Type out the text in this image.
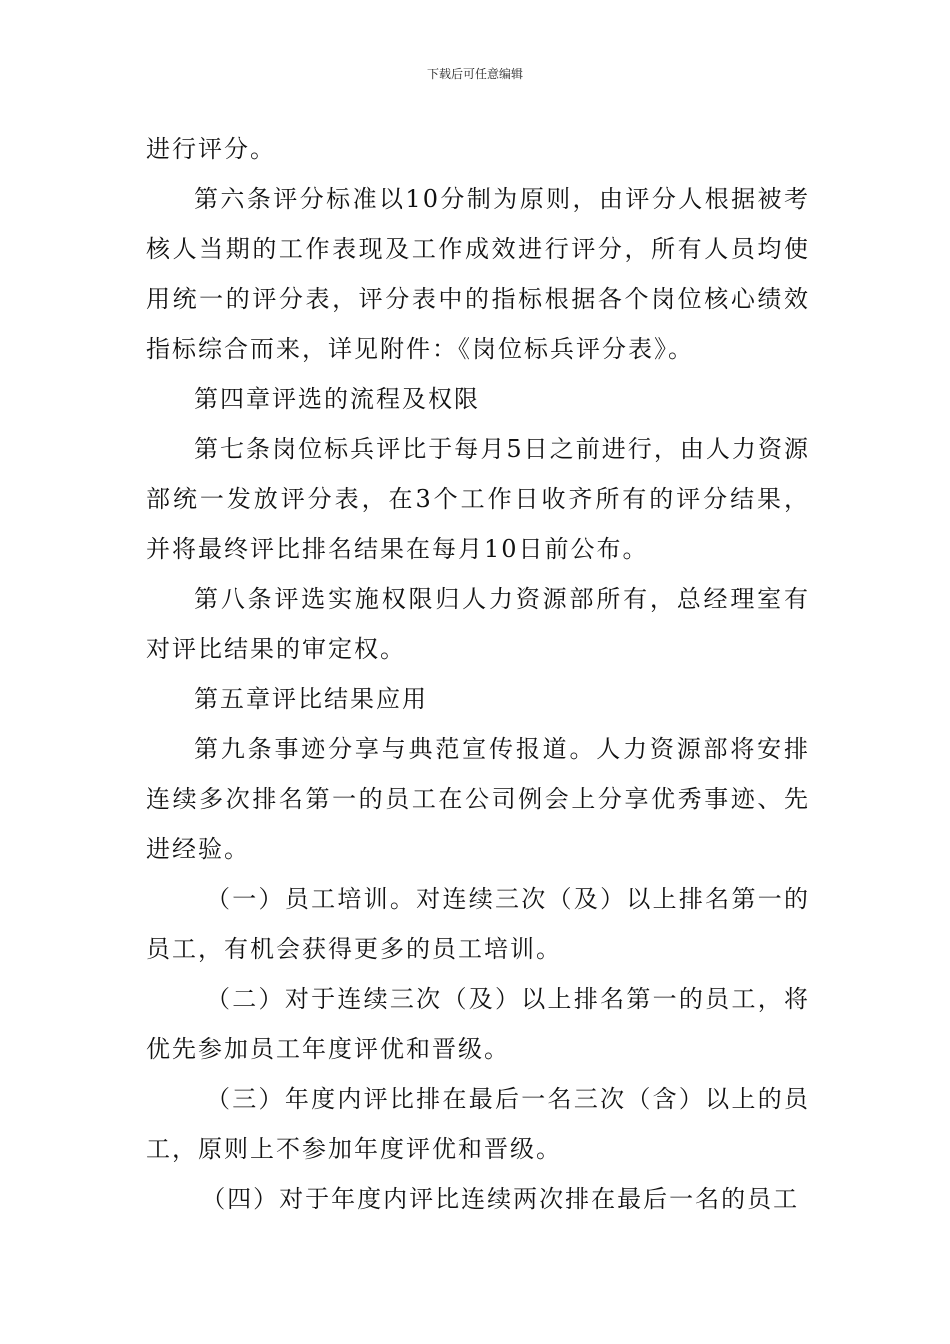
下载后可任意编辑

进行评分。

第六条评分标准以10分制为原则，由评分人根据被考核人当期的工作表现及工作成效进行评分，所有人员均使用统一的评分表，评分表中的指标根据各个岗位核心绩效指标综合而来，详见附件：《岗位标兵评分表》。

第四章评选的流程及权限

第七条岗位标兵评比于每月5日之前进行，由人力资源部统一发放评分表，在3个工作日收齐所有的评分结果，并将最终评比排名结果在每月10日前公布。

第八条评选实施权限归人力资源部所有，总经理室有对评比结果的审定权。

第五章评比结果应用

第九条事迹分享与典范宣传报道。人力资源部将安排连续多次排名第一的员工在公司例会上分享优秀事迹、先进经验。

（一）员工培训。对连续三次（及）以上排名第一的员工，有机会获得更多的员工培训。

（二）对于连续三次（及）以上排名第一的员工，将优先参加员工年度评优和晋级。

（三）年度内评比排在最后一名三次（含）以上的员工，原则上不参加年度评优和晋级。

（四）对于年度内评比连续两次排在最后一名的员工
